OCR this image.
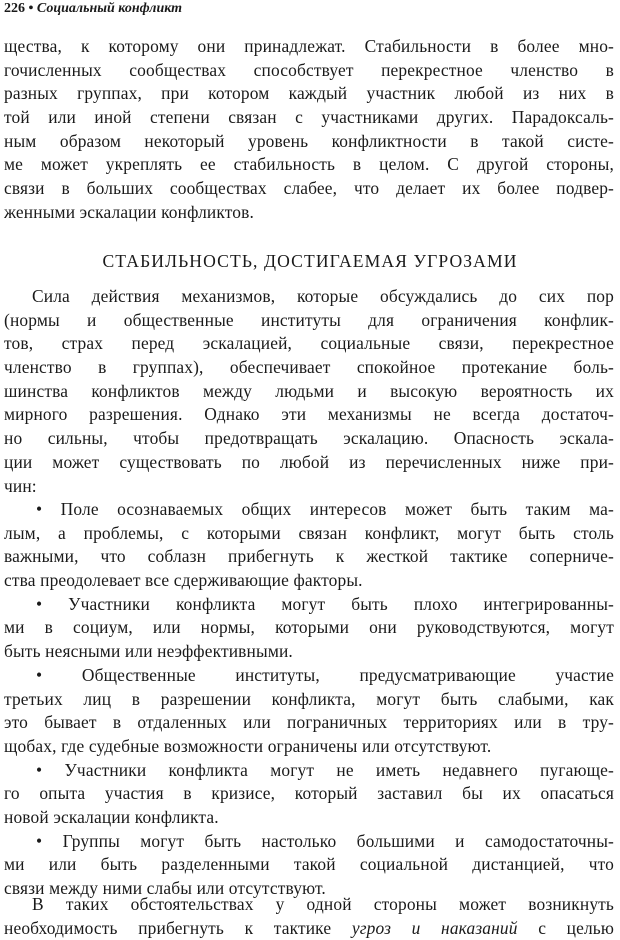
226 • Социальный конфликт
щества, к которому они принадлежат. Стабильности в более мно-
гочисленных сообществах способствует перекрестное членство в
разных группах, при котором каждый участник любой из них в
той или иной степени связан с участниками других. Парадоксаль-
ным образом некоторый уровень конфликтности в такой систе-
ме может укреплять ее стабильность в целом. С другой стороны,
связи в больших сообществах слабее, что делает их более подвер-
женными эскалации конфликтов.
СТАБИЛЬНОСТЬ, ДОСТИГАЕМАЯ УГРОЗАМИ
Сила действия механизмов, которые обсуждались до сих пор
(нормы и общественные институты для ограничения конфлик-
тов, страх перед эскалацией, социальные связи, перекрестное
членство в группах), обеспечивает спокойное протекание боль-
шинства конфликтов между людьми и высокую вероятность их
мирного разрешения. Однако эти механизмы не всегда достаточ-
но сильны, чтобы предотвращать эскалацию. Опасность эскала-
ции может существовать по любой из перечисленных ниже при-
чин:
• Поле осознаваемых общих интересов может быть таким ма-
лым, а проблемы, с которыми связан конфликт, могут быть столь
важными, что соблазн прибегнуть к жесткой тактике соперниче-
ства преодолевает все сдерживающие факторы.
• Участники конфликта могут быть плохо интегрированны-
ми в социум, или нормы, которыми они руководствуются, могут
быть неясными или неэффективными.
• Общественные институты, предусматривающие участие
третьих лиц в разрешении конфликта, могут быть слабыми, как
это бывает в отдаленных или пограничных территориях или в тру-
щобах, где судебные возможности ограничены или отсутствуют.
• Участники конфликта могут не иметь недавнего пугающе-
го опыта участия в кризисе, который заставил бы их опасаться
новой эскалации конфликта.
• Группы могут быть настолько большими и самодостаточны-
ми или быть разделенными такой социальной дистанцией, что
связи между ними слабы или отсутствуют.
В таких обстоятельствах у одной стороны может возникнуть
необходимость прибегнуть к тактике угроз и наказаний с целью
